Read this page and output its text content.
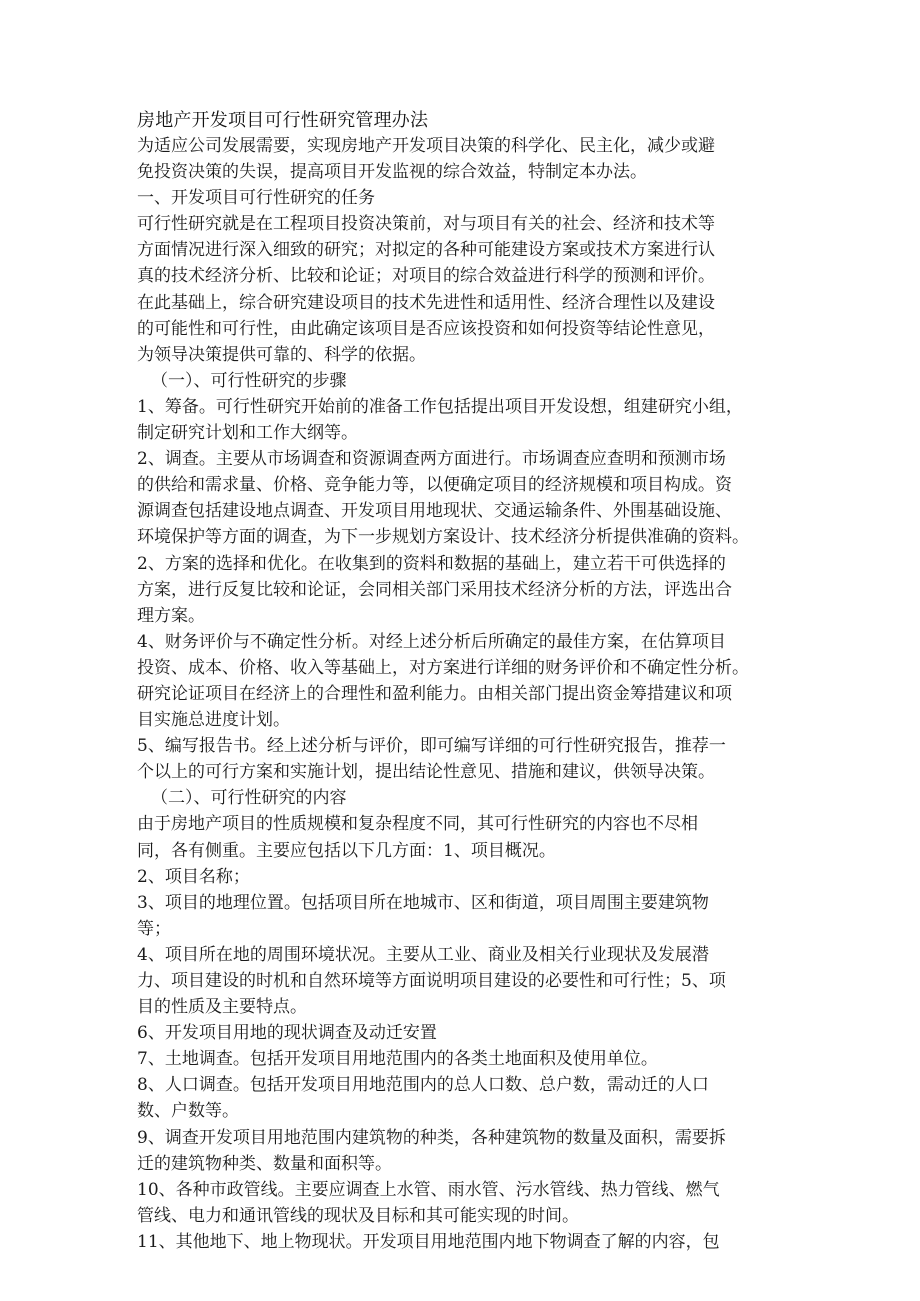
房地产开发项目可行性研究管理办法
为适应公司发展需要，实现房地产开发项目决策的科学化、民主化，减少或避
免投资决策的失误，提高项目开发监视的综合效益，特制定本办法。
一、开发项目可行性研究的任务
可行性研究就是在工程项目投资决策前，对与项目有关的社会、经济和技术等
方面情况进行深入细致的研究；对拟定的各种可能建设方案或技术方案进行认
真的技术经济分析、比较和论证；对项目的综合效益进行科学的预测和评价。
在此基础上，综合研究建设项目的技术先进性和适用性、经济合理性以及建设
的可能性和可行性，由此确定该项目是否应该投资和如何投资等结论性意见，
为领导决策提供可靠的、科学的依据。
（一）、可行性研究的步骤
1、筹备。可行性研究开始前的准备工作包括提出项目开发设想，组建研究小组，
制定研究计划和工作大纲等。
2、调查。主要从市场调查和资源调查两方面进行。市场调查应查明和预测市场
的供给和需求量、价格、竞争能力等，以便确定项目的经济规模和项目构成。资
源调查包括建设地点调查、开发项目用地现状、交通运输条件、外围基础设施、
环境保护等方面的调查，为下一步规划方案设计、技术经济分析提供准确的资料。
2、方案的选择和优化。在收集到的资料和数据的基础上，建立若干可供选择的
方案，进行反复比较和论证，会同相关部门采用技术经济分析的方法，评选出合
理方案。
4、财务评价与不确定性分析。对经上述分析后所确定的最佳方案，在估算项目
投资、成本、价格、收入等基础上，对方案进行详细的财务评价和不确定性分析。
研究论证项目在经济上的合理性和盈利能力。由相关部门提出资金筹措建议和项
目实施总进度计划。
5、编写报告书。经上述分析与评价，即可编写详细的可行性研究报告，推荐一
个以上的可行方案和实施计划，提出结论性意见、措施和建议，供领导决策。
（二）、可行性研究的内容
由于房地产项目的性质规模和复杂程度不同，其可行性研究的内容也不尽相
同，各有侧重。主要应包括以下几方面：1、项目概况。
2、项目名称；
3、项目的地理位置。包括项目所在地城市、区和街道，项目周围主要建筑物
等；
4、项目所在地的周围环境状况。主要从工业、商业及相关行业现状及发展潜
力、项目建设的时机和自然环境等方面说明项目建设的必要性和可行性；5、项
目的性质及主要特点。
6、开发项目用地的现状调查及动迁安置
7、土地调查。包括开发项目用地范围内的各类土地面积及使用单位。
8、人口调查。包括开发项目用地范围内的总人口数、总户数，需动迁的人口
数、户数等。
9、调查开发项目用地范围内建筑物的种类，各种建筑物的数量及面积，需要拆
迁的建筑物种类、数量和面积等。
10、各种市政管线。主要应调查上水管、雨水管、污水管线、热力管线、燃气
管线、电力和通讯管线的现状及目标和其可能实现的时间。
11、其他地下、地上物现状。开发项目用地范围内地下物调查了解的内容，包
